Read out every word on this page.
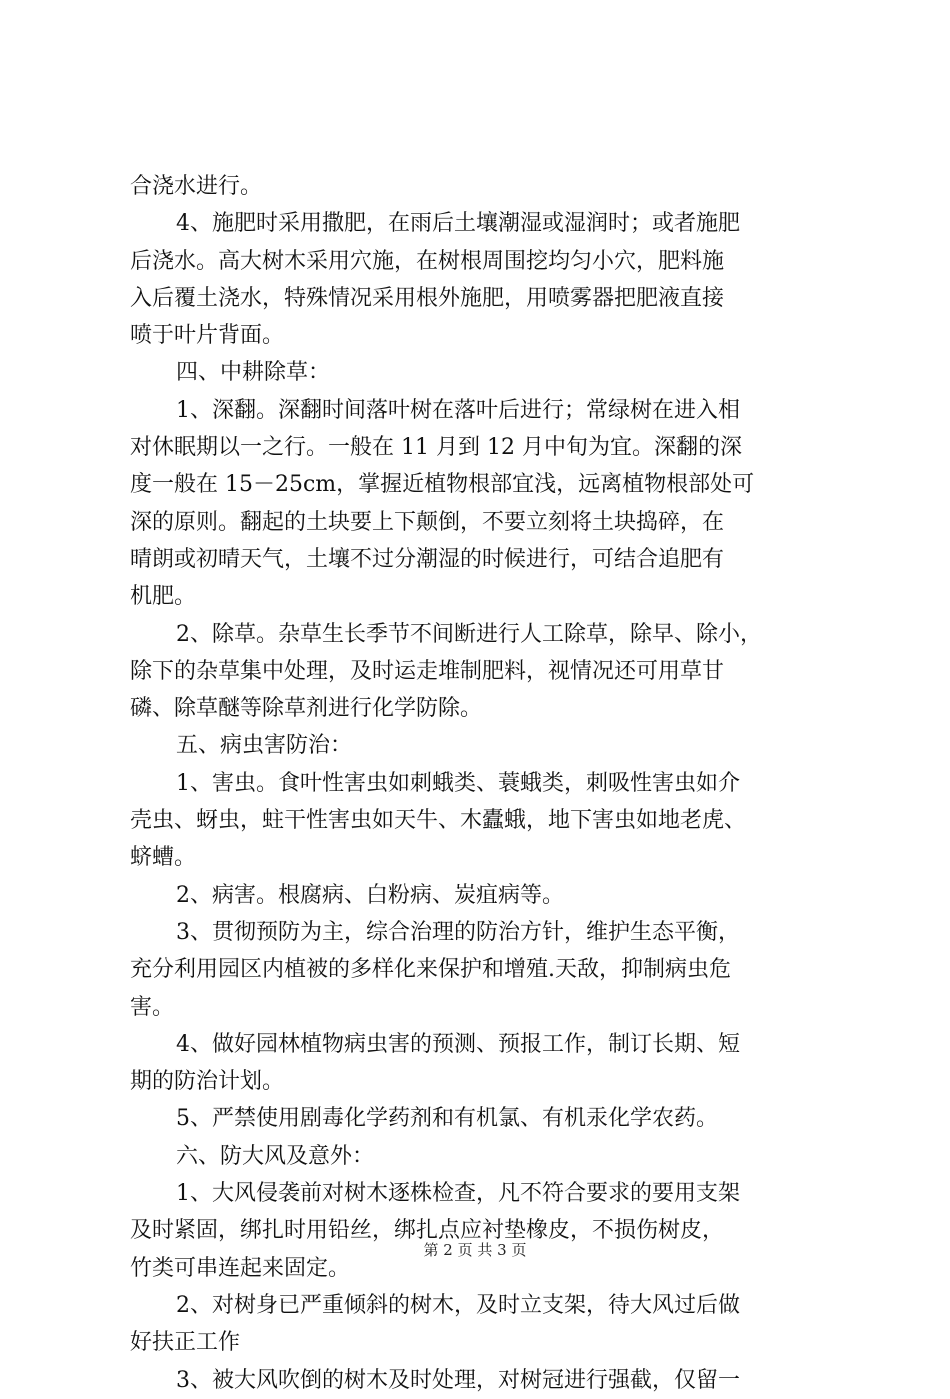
合浇水进行。
4、施肥时采用撒肥，在雨后土壤潮湿或湿润时；或者施肥
后浇水。高大树木采用穴施，在树根周围挖均匀小穴，肥料施
入后覆土浇水，特殊情况采用根外施肥，用喷雾器把肥液直接
喷于叶片背面。
四、中耕除草：
1、深翻。深翻时间落叶树在落叶后进行；常绿树在进入相
对休眠期以一之行。一般在 11 月到 12 月中旬为宜。深翻的深
度一般在 15－25cm，掌握近植物根部宜浅，远离植物根部处可
深的原则。翻起的土块要上下颠倒，不要立刻将土块捣碎，在
晴朗或初晴天气，土壤不过分潮湿的时候进行，可结合追肥有
机肥。
2、除草。杂草生长季节不间断进行人工除草，除早、除小，
除下的杂草集中处理，及时运走堆制肥料，视情况还可用草甘
磷、除草醚等除草剂进行化学防除。
五、病虫害防治：
1、害虫。食叶性害虫如刺蛾类、蓑蛾类，刺吸性害虫如介
壳虫、蚜虫，蛀干性害虫如天牛、木蠹蛾，地下害虫如地老虎、
蛴螬。
2、病害。根腐病、白粉病、炭疽病等。
3、贯彻预防为主，综合治理的防治方针，维护生态平衡，
充分利用园区内植被的多样化来保护和增殖.天敌，抑制病虫危
害。
4、做好园林植物病虫害的预测、预报工作，制订长期、短
期的防治计划。
5、严禁使用剧毒化学药剂和有机氯、有机汞化学农药。
六、防大风及意外：
1、大风侵袭前对树木逐株检查，凡不符合要求的要用支架
及时紧固，绑扎时用铅丝，绑扎点应衬垫橡皮，不损伤树皮，
竹类可串连起来固定。
2、对树身已严重倾斜的树木，及时立支架，待大风过后做
好扶正工作
3、被大风吹倒的树木及时处理，对树冠进行强截，仅留一
第 2 页 共 3 页
